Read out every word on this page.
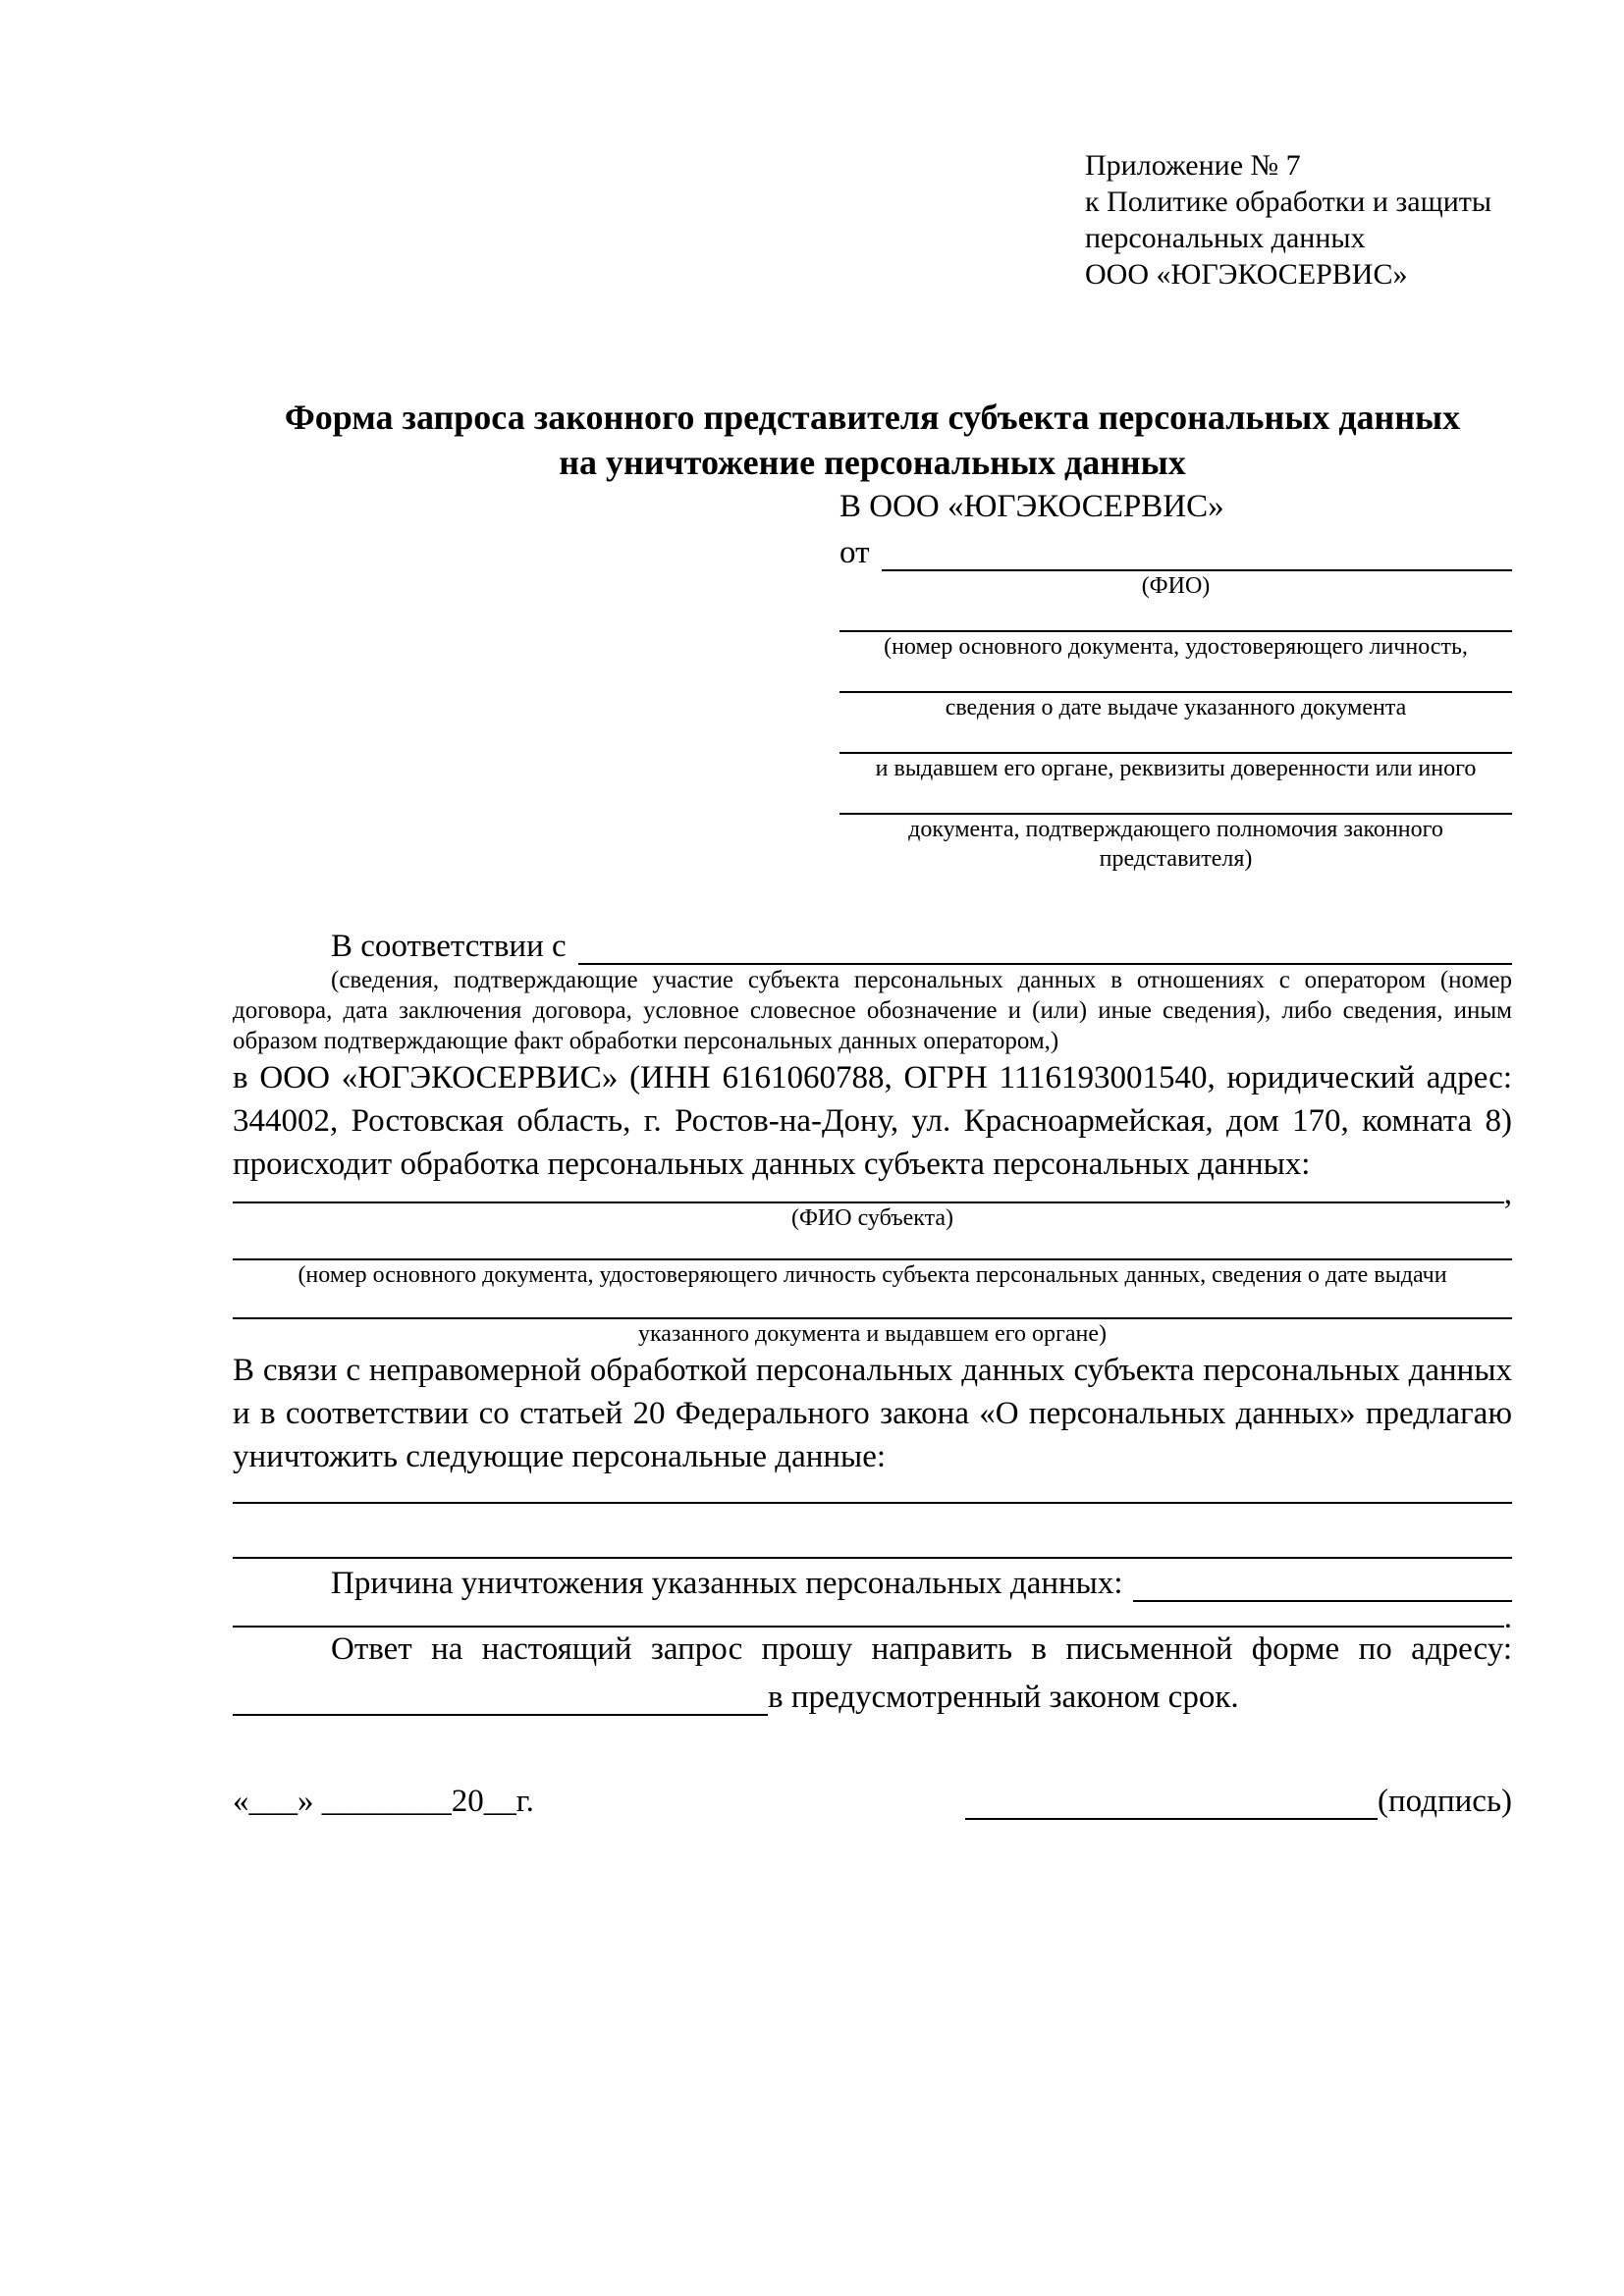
Приложение № 7
к Политике обработки и защиты
персональных данных
ООО «ЮГЭКОСЕРВИС»
Форма запроса законного представителя субъекта персональных данных
на уничтожение персональных данных
В ООО «ЮГЭКОСЕРВИС»
от
(ФИО)
(номер основного документа, удостоверяющего личность,
сведения о дате выдаче указанного документа
и выдавшем его органе, реквизиты доверенности или иного
документа, подтверждающего полномочия законного представителя)
В соответствии с
(сведения, подтверждающие участие субъекта персональных данных в отношениях с оператором (номер договора, дата заключения договора, условное словесное обозначение и (или) иные сведения), либо сведения, иным образом подтверждающие факт обработки персональных данных оператором,)

в ООО «ЮГЭКОСЕРВИС» (ИНН 6161060788, ОГРН 1116193001540, юридический адрес: 344002, Ростовская область, г. Ростов-на-Дону, ул. Красноармейская, дом 170, комната 8) происходит обработка персональных данных субъекта персональных данных:

,
(ФИО субъекта)
(номер основного документа, удостоверяющего личность субъекта персональных данных, сведения о дате выдачи
указанного документа и выдавшем его органе)

В связи с неправомерной обработкой персональных данных субъекта персональных данных и в соответствии со статьей 20 Федерального закона «О персональных данных» предлагаю уничтожить следующие персональные данные:

Причина уничтожения указанных персональных данных:
.

Ответ на настоящий запрос прошу направить в письменной форме по адресу:

в предусмотренный законом срок.
«___» ________20__г.	(подпись)
